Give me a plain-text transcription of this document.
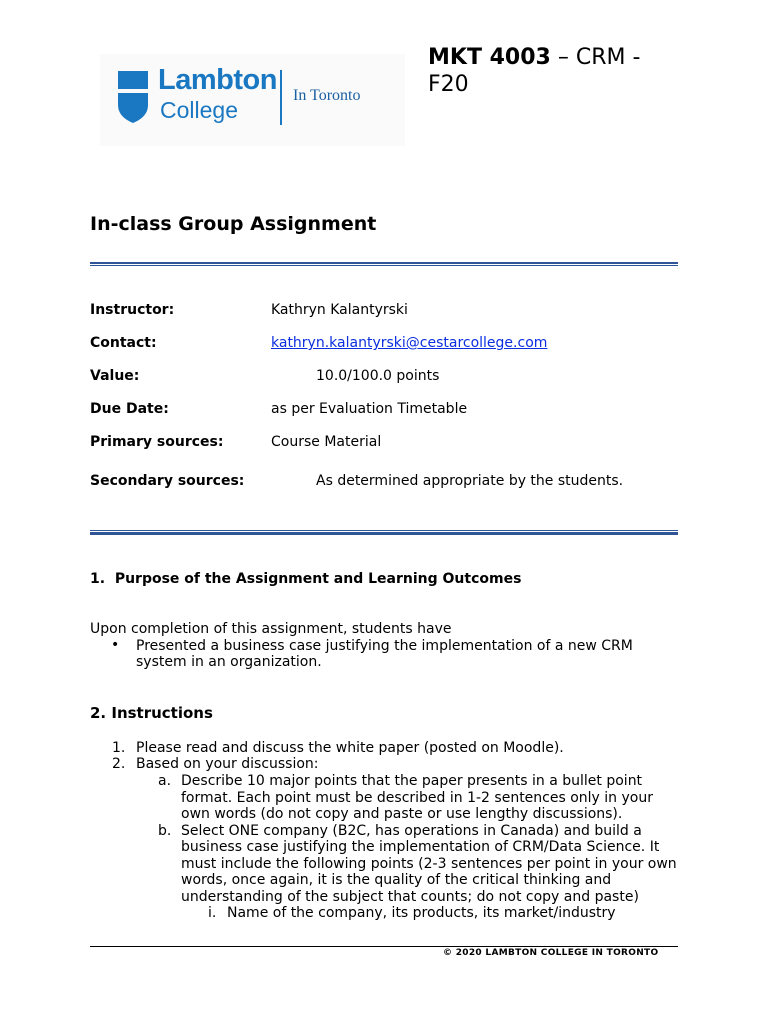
Lambton
College
In Toronto
MKT 4003 – CRM - F20
In-class Group Assignment
Instructor:	Kathryn Kalantyrski
Contact:	kathryn.kalantyrski@cestarcollege.com
Value:	10.0/100.0 points
Due Date:	as per Evaluation Timetable
Primary sources:	Course Material
Secondary sources:	As determined appropriate by the students.
1. Purpose of the Assignment and Learning Outcomes
Upon completion of this assignment, students have
• Presented a business case justifying the implementation of a new CRM
system in an organization.
2. Instructions
1. Please read and discuss the white paper (posted on Moodle).
2. Based on your discussion:
a. Describe 10 major points that the paper presents in a bullet point
format. Each point must be described in 1-2 sentences only in your
own words (do not copy and paste or use lengthy discussions).
b. Select ONE company (B2C, has operations in Canada) and build a
business case justifying the implementation of CRM/Data Science. It
must include the following points (2-3 sentences per point in your own
words, once again, it is the quality of the critical thinking and
understanding of the subject that counts; do not copy and paste)
i. Name of the company, its products, its market/industry
© 2020 LAMBTON COLLEGE IN TORONTO
